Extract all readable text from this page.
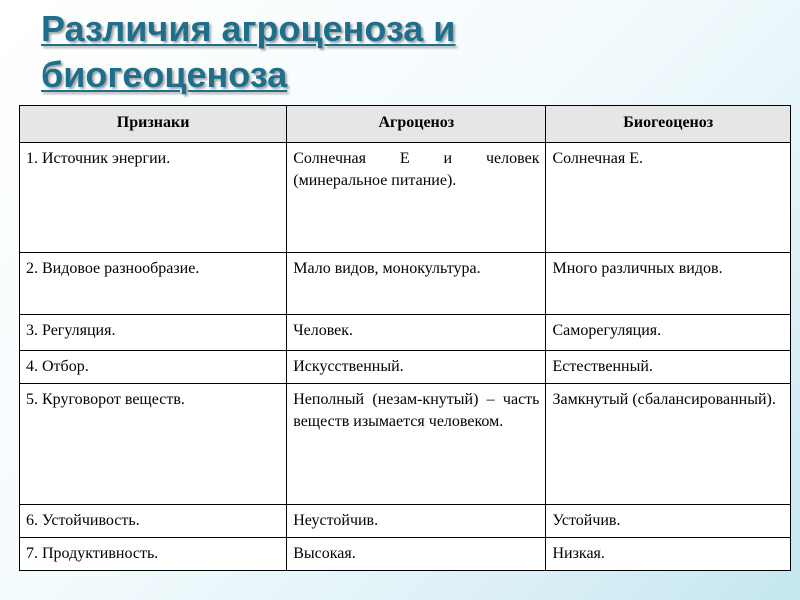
Различия агроценоза и биогеоценоза
Признаки	Агроценоз	Биогеоценоз
1. Источник энергии.	Солнечная Е и человек (минеральное питание).	Солнечная Е.
2. Видовое разнообразие.	Мало видов, монокультура.	Много различных видов.
3. Регуляция.	Человек.	Саморегуляция.
4. Отбор.	Искусственный.	Естественный.
5. Круговорот веществ.	Неполный (незам-кнутый) – часть веществ изымается человеком.	Замкнутый (сбалансированный).
6. Устойчивость.	Неустойчив.	Устойчив.
7. Продуктивность.	Высокая.	Низкая.
